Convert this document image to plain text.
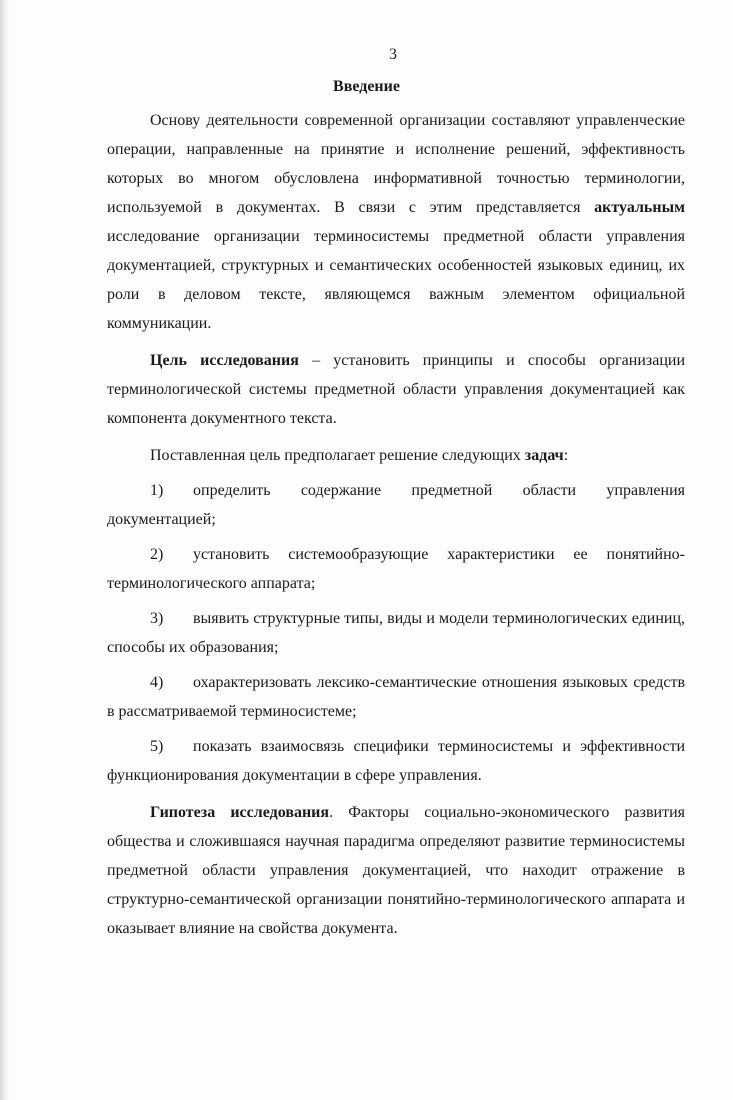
3
Введение

Основу деятельности современной организации составляют управленческие операции, направленные на принятие и исполнение решений, эффективность которых во многом обусловлена информативной точностью терминологии, используемой в документах. В связи с этим представляется актуальным исследование организации терминосистемы предметной области управления документацией, структурных и семантических особенностей языковых единиц, их роли в деловом тексте, являющемся важным элементом официальной коммуникации.

Цель исследования – установить принципы и способы организации терминологической системы предметной области управления документацией как компонента документного текста.

Поставленная цель предполагает решение следующих задач:

1) определить содержание предметной области управления документацией;

2) установить системообразующие характеристики ее понятийно-терминологического аппарата;

3) выявить структурные типы, виды и модели терминологических единиц, способы их образования;

4) охарактеризовать лексико-семантические отношения языковых средств в рассматриваемой терминосистеме;

5) показать взаимосвязь специфики терминосистемы и эффективности функционирования документации в сфере управления.

Гипотеза исследования. Факторы социально-экономического развития общества и сложившаяся научная парадигма определяют развитие терминосистемы предметной области управления документацией, что находит отражение в структурно-семантической организации понятийно-терминологического аппарата и оказывает влияние на свойства документа.
